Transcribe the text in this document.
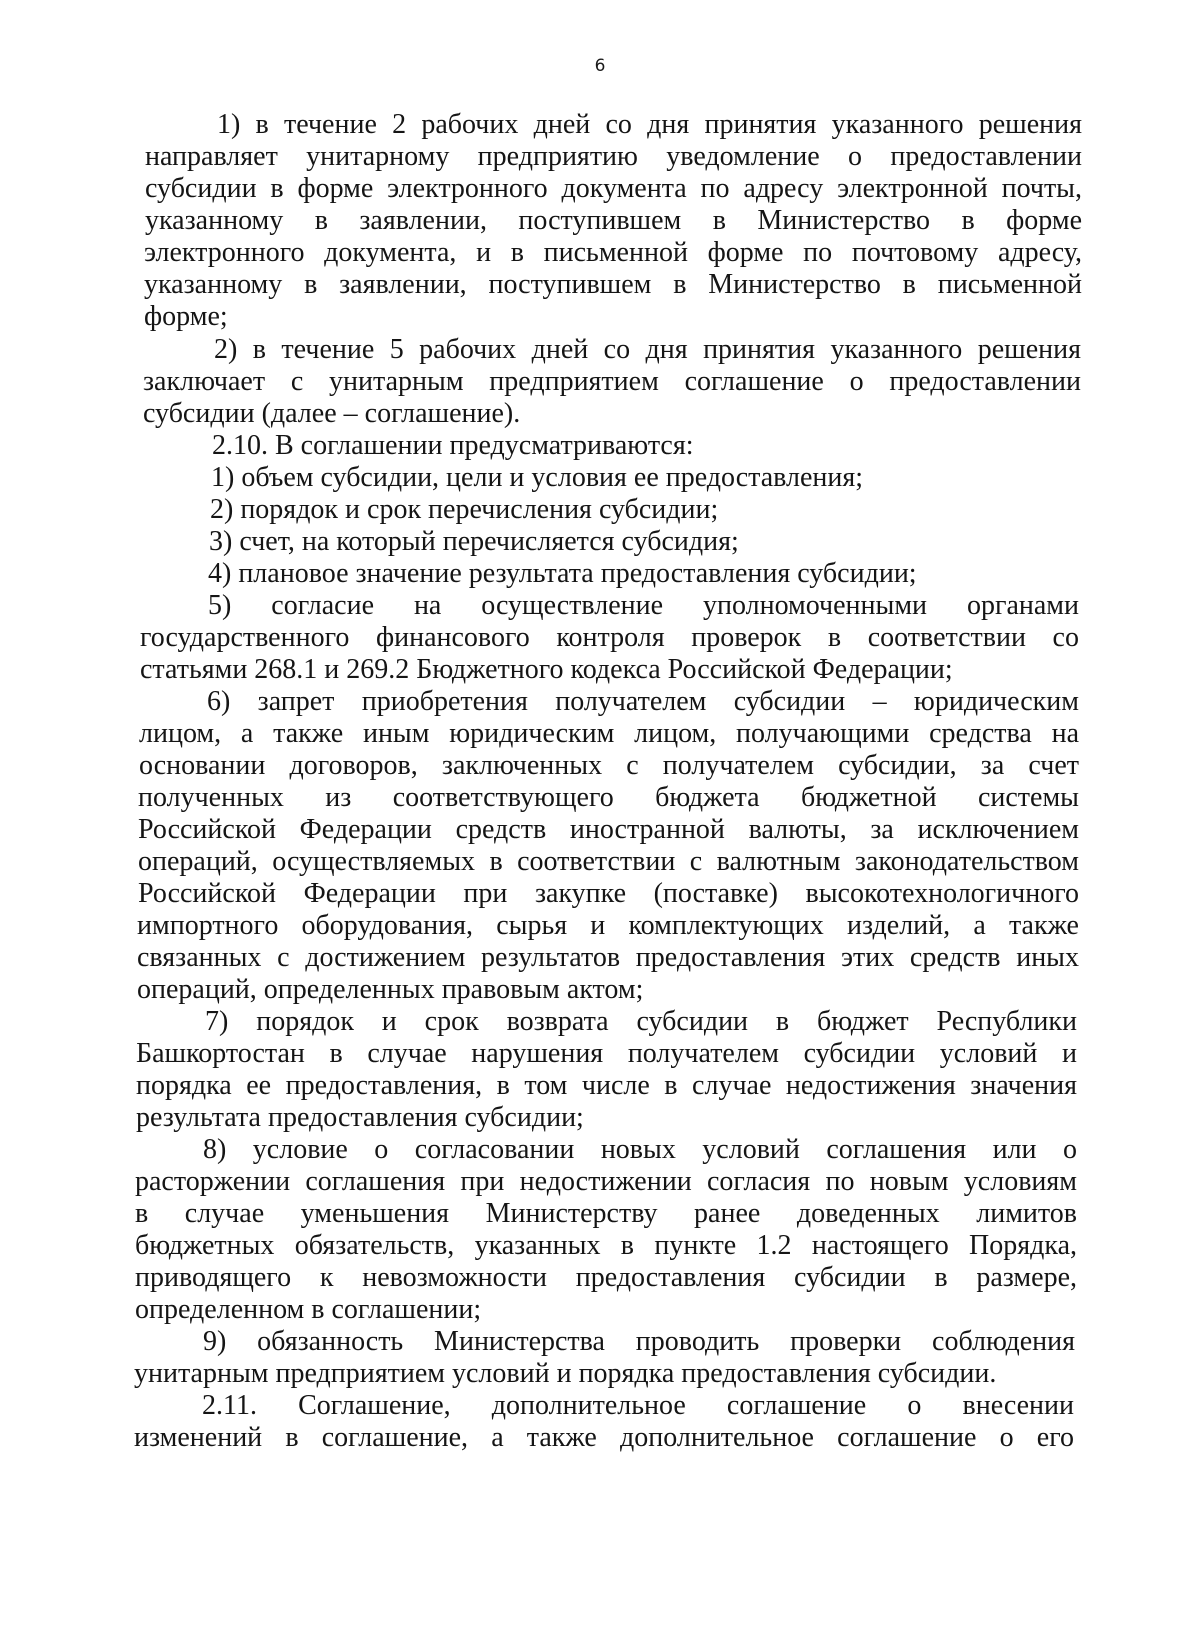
6
1) в течение 2 рабочих дней со дня принятия указанного решения
направляет унитарному предприятию уведомление о предоставлении
субсидии в форме электронного документа по адресу электронной почты,
указанному в заявлении, поступившем в Министерство в форме
электронного документа, и в письменной форме по почтовому адресу,
указанному в заявлении, поступившем в Министерство в письменной
форме;
2) в течение 5 рабочих дней со дня принятия указанного решения
заключает с унитарным предприятием соглашение о предоставлении
субсидии (далее – соглашение).
2.10. В соглашении предусматриваются:
1) объем субсидии, цели и условия ее предоставления;
2) порядок и срок перечисления субсидии;
3) счет, на который перечисляется субсидия;
4) плановое значение результата предоставления субсидии;
5) согласие на осуществление уполномоченными органами
государственного финансового контроля проверок в соответствии со
статьями 268.1 и 269.2 Бюджетного кодекса Российской Федерации;
6) запрет приобретения получателем субсидии – юридическим
лицом, а также иным юридическим лицом, получающими средства на
основании договоров, заключенных с получателем субсидии, за счет
полученных из соответствующего бюджета бюджетной системы
Российской Федерации средств иностранной валюты, за исключением
операций, осуществляемых в соответствии с валютным законодательством
Российской Федерации при закупке (поставке) высокотехнологичного
импортного оборудования, сырья и комплектующих изделий, а также
связанных с достижением результатов предоставления этих средств иных
операций, определенных правовым актом;
7) порядок и срок возврата субсидии в бюджет Республики
Башкортостан в случае нарушения получателем субсидии условий и
порядка ее предоставления, в том числе в случае недостижения значения
результата предоставления субсидии;
8) условие о согласовании новых условий соглашения или о
расторжении соглашения при недостижении согласия по новым условиям
в случае уменьшения Министерству ранее доведенных лимитов
бюджетных обязательств, указанных в пункте 1.2 настоящего Порядка,
приводящего к невозможности предоставления субсидии в размере,
определенном в соглашении;
9) обязанность Министерства проводить проверки соблюдения
унитарным предприятием условий и порядка предоставления субсидии.
2.11. Соглашение, дополнительное соглашение о внесении
изменений в соглашение, а также дополнительное соглашение о его
